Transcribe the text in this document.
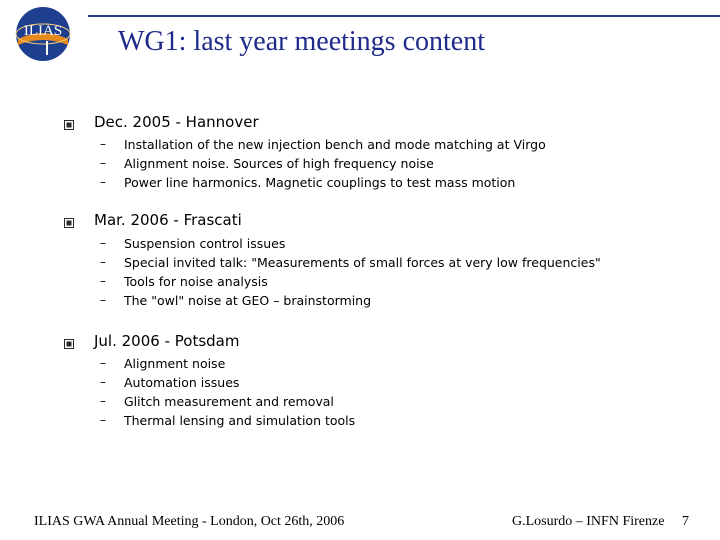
ILIAS WG1: last year meetings content
Dec. 2005 - Hannover
– Installation of the new injection bench and mode matching at Virgo
– Alignment noise. Sources of high frequency noise
– Power line harmonics. Magnetic couplings to test mass motion
Mar. 2006 - Frascati
– Suspension control issues
– Special invited talk: "Measurements of small forces at very low frequencies"
– Tools for noise analysis
– The "owl" noise at GEO – brainstorming
Jul. 2006 - Potsdam
– Alignment noise
– Automation issues
– Glitch measurement and removal
– Thermal lensing and simulation tools
ILIAS GWA Annual Meeting - London, Oct 26th, 2006	G.Losurdo – INFN Firenze 7
